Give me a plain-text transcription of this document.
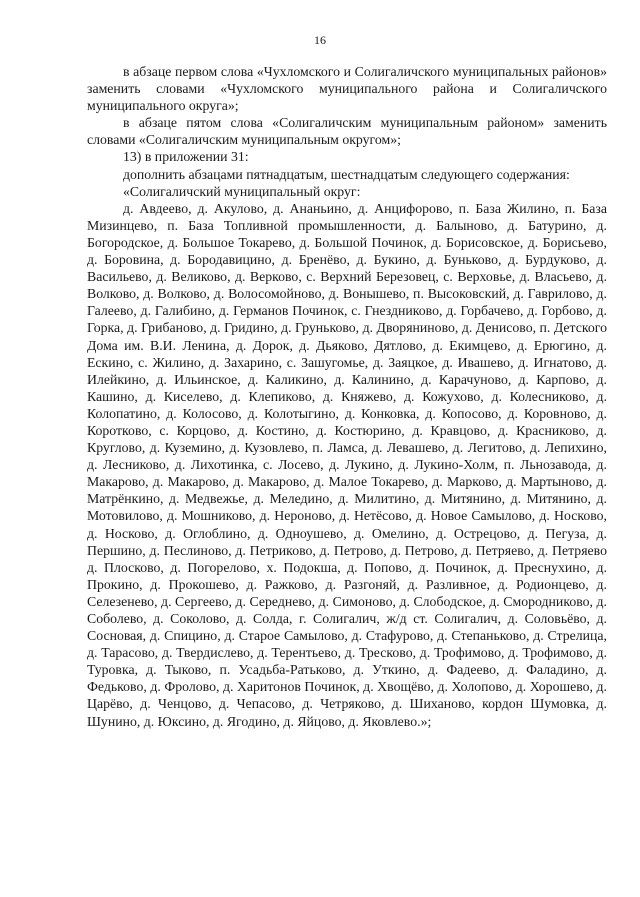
16

в абзаце первом слова «Чухломского и Солигаличского муниципальных районов» заменить словами «Чухломского муниципального района и Солигаличского муниципального округа»;

в абзаце пятом слова «Солигаличским муниципальным районом» заменить словами «Солигаличским муниципальным округом»;

13) в приложении 31:

дополнить абзацами пятнадцатым, шестнадцатым следующего содержания:

«Солигаличский муниципальный округ:

д. Авдеево, д. Акулово, д. Ананьино, д. Анцифорово, п. База Жилино, п. База Мизинцево, п. База Топливной промышленности, д. Балыново, д. Батурино, д. Богородское, д. Большое Токарево, д. Большой Починок, д. Борисовское, д. Борисьево, д. Боровина, д. Бородавицино, д. Бренёво, д. Букино, д. Буньково, д. Бурдуково, д. Васильево, д. Великово, д. Верково, с. Верхний Березовец, с. Верховье, д. Власьево, д. Волково, д. Волково, д. Волосомойново, д. Вонышево, п. Высоковский, д. Гаврилово, д. Галеево, д. Галибино, д. Германов Починок, с. Гнездниково, д. Горбачево, д. Горбово, д. Горка, д. Грибаново, д. Гридино, д. Груньково, д. Дворяниново, д. Денисово, п. Детского Дома им. В.И. Ленина, д. Дорок, д. Дьяково, Дятлово, д. Екимцево, д. Ерюгино, д. Ескино, с. Жилино, д. Захарино, с. Зашугомье, д. Заяцкое, д. Ивашево, д. Игнатово, д. Илейкино, д. Ильинское, д. Каликино, д. Калинино, д. Карачуново, д. Карпово, д. Кашино, д. Киселево, д. Клепиково, д. Княжево, д. Кожухово, д. Колесниково, д. Колопатино, д. Колосово, д. Колотыгино, д. Конковка, д. Копосово, д. Коровново, д. Коротково, с. Корцово, д. Костино, д. Костюрино, д. Кравцово, д. Красниково, д. Круглово, д. Куземино, д. Кузовлево, п. Ламса, д. Левашево, д. Легитово, д. Лепихино, д. Лесниково, д. Лихотинка, с. Лосево, д. Лукино, д. Лукино-Холм, п. Льнозавода, д. Макарово, д. Макарово, д. Макарово, д. Малое Токарево, д. Марково, д. Мартыново, д. Матрёнкино, д. Медвежье, д. Меледино, д. Милитино, д. Митянино, д. Митянино, д. Мотовилово, д. Мошниково, д. Нероново, д. Нетёсово, д. Новое Самылово, д. Носково, д. Носково, д. Оглоблино, д. Одноушево, д. Омелино, д. Острецово, д. Пегуза, д. Першино, д. Песлиново, д. Петриково, д. Петрово, д. Петрово, д. Петряево, д. Петряево д. Плосково, д. Погорелово, х. Подокша, д. Попово, д. Починок, д. Преснухино, д. Прокино, д. Прокошево, д. Ражково, д. Разгоняй, д. Разливное, д. Родионцево, д. Селезенево, д. Сергеево, д. Середнево, д. Симоново, д. Слободское, д. Смородниково, д. Соболево, д. Соколово, д. Солда, г. Солигалич, ж/д ст. Солигалич, д. Соловьёво, д. Сосновая, д. Спицино, д. Старое Самылово, д. Стафурово, д. Степаньково, д. Стрелица, д. Тарасово, д. Твердислево, д. Терентьево, д. Тресково, д. Трофимово, д. Трофимово, д. Туровка, д. Тыково, п. Усадьба-Ратьково, д. Уткино, д. Фадеево, д. Фаладино, д. Федьково, д. Фролово, д. Харитонов Починок, д. Хвощёво, д. Холопово, д. Хорошево, д. Царёво, д. Ченцово, д. Чепасово, д. Четряково, д. Шиханово, кордон Шумовка, д. Шунино, д. Юксино, д. Ягодино, д. Яйцово, д. Яковлево.»;
